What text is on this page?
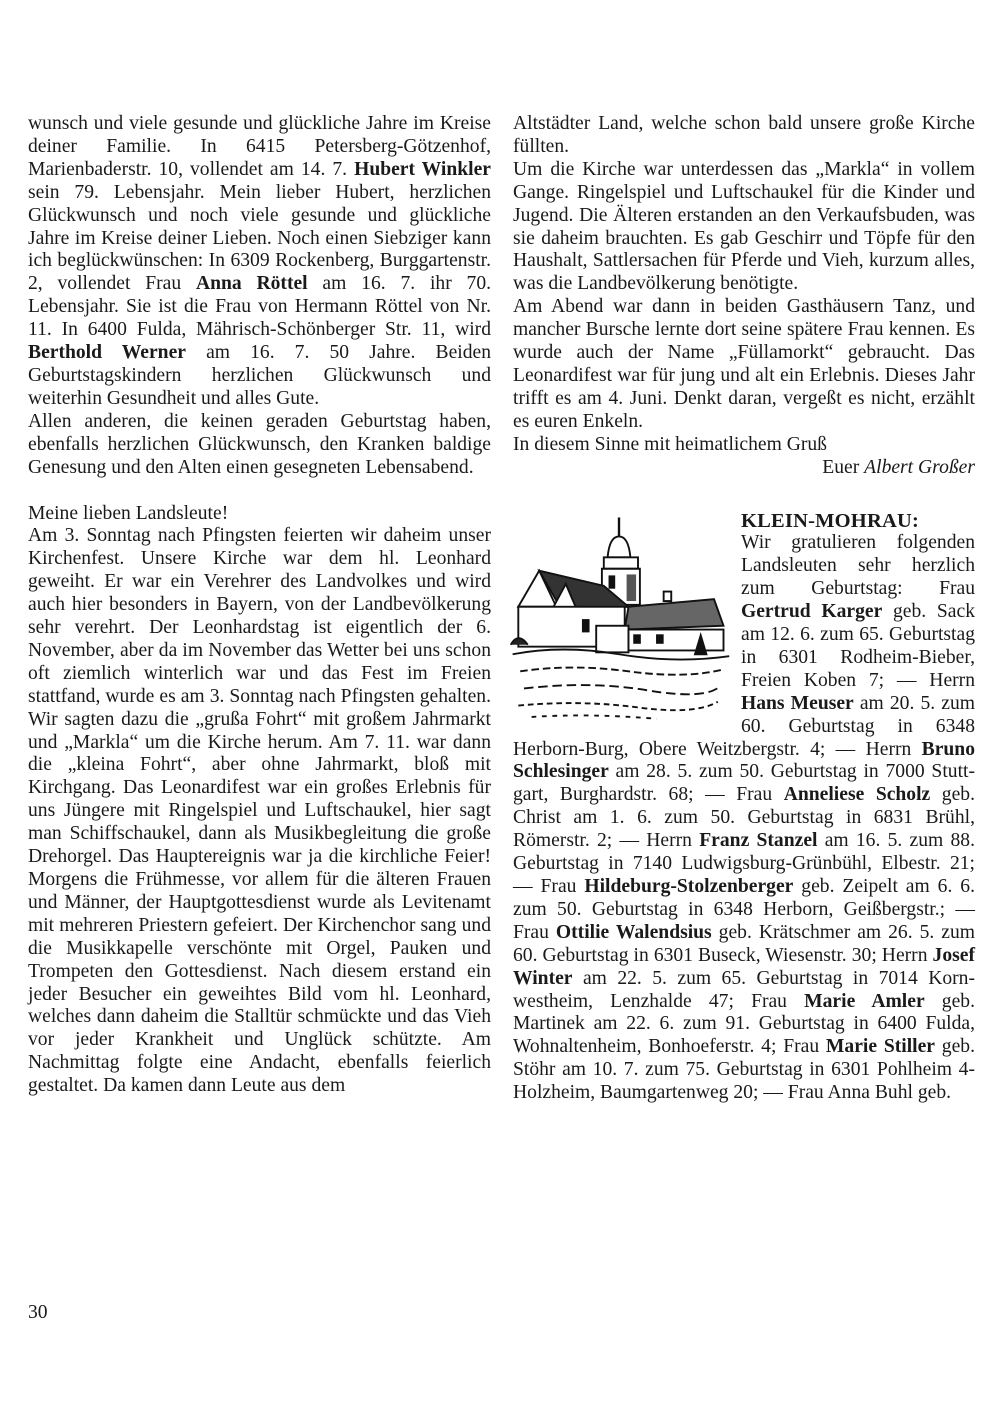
wunsch und viele gesunde und glückliche Jahre im Kreise deiner Familie. In 6415 Petersberg-Götzenhof, Marienbaderstr. 10, vollendet am 14. 7. Hubert Winkler sein 79. Lebensjahr. Mein lieber Hubert, herzlichen Glückwunsch und noch viele gesunde und glückliche Jahre im Kreise deiner Lieben. Noch einen Siebziger kann ich beglückwünschen: In 6309 Rockenberg, Burggartenstr. 2, vollendet Frau Anna Röttel am 16. 7. ihr 70. Lebensjahr. Sie ist die Frau von Hermann Röttel von Nr. 11. In 6400 Fulda, Mährisch-Schönberger Str. 11, wird Berthold Werner am 16. 7. 50 Jahre. Beiden Geburtstagskindern herzlichen Glückwunsch und weiterhin Gesundheit und alles Gute.

Allen anderen, die keinen geraden Geburtstag haben, ebenfalls herzlichen Glückwunsch, den Kranken baldige Genesung und den Alten einen gesegneten Lebensabend.

Meine lieben Landsleute!

Am 3. Sonntag nach Pfingsten feierten wir daheim unser Kirchenfest. Unsere Kirche war dem hl. Leonhard geweiht. Er war ein Verehrer des Landvolkes und wird auch hier besonders in Bayern, von der Landbevölkerung sehr verehrt. Der Leonhardstag ist eigentlich der 6. November, aber da im November das Wetter bei uns schon oft ziemlich winterlich war und das Fest im Freien stattfand, wurde es am 3. Sonntag nach Pfingsten gehalten. Wir sagten dazu die „grußa Fohrt“ mit großem Jahrmarkt und „Markla“ um die Kirche herum. Am 7. 11. war dann die „kleina Fohrt“, aber ohne Jahrmarkt, bloß mit Kirchgang. Das Leonardifest war ein großes Erlebnis für uns Jüngere mit Ringelspiel und Luftschaukel, hier sagt man Schiffschaukel, dann als Musikbegleitung die große Drehorgel. Das Hauptereignis war ja die kirchliche Feier! Morgens die Frühmesse, vor allem für die älteren Frauen und Männer, der Hauptgottesdienst wurde als Levitenamt mit mehreren Priestern gefeiert. Der Kirchenchor sang und die Musikkapelle verschönte mit Orgel, Pauken und Trompeten den Gottesdienst. Nach diesem erstand ein jeder Besucher ein geweihtes Bild vom hl. Leonhard, welches dann daheim die Stalltür schmückte und das Vieh vor jeder Krankheit und Unglück schützte. Am Nachmittag folgte eine Andacht, ebenfalls feierlich gestaltet. Da kamen dann Leute aus dem

Altstädter Land, welche schon bald unsere große Kirche füllten.

Um die Kirche war unterdessen das „Markla“ in vollem Gange. Ringelspiel und Luftschaukel für die Kinder und Jugend. Die Älteren erstanden an den Verkaufsbuden, was sie daheim brauchten. Es gab Geschirr und Töpfe für den Haushalt, Sattlersachen für Pferde und Vieh, kurzum alles, was die Landbevölkerung benötigte.

Am Abend war dann in beiden Gasthäusern Tanz, und mancher Bursche lernte dort seine spätere Frau kennen. Es wurde auch der Name „Füllamorkt“ gebraucht. Das Leonardifest war für jung und alt ein Erlebnis. Dieses Jahr trifft es am 4. Juni. Denkt daran, vergeßt es nicht, erzählt es euren Enkeln.

In diesem Sinne mit heimatlichem Gruß

Euer Albert Großer

KLEIN-MOHRAU:

Wir gratulieren folgenden Landsleuten sehr herzlich zum Geburtstag: Frau Gertrud Karger geb. Sack am 12. 6. zum 65. Geburtstag in 6301 Rodheim-Bieber, Freien Koben 7; — Herrn Hans Meuser am 20. 5. zum 60. Geburtstag in 6348 Herborn-Burg, Obere Weitzbergstr. 4; — Herrn Bruno Schlesinger am 28. 5. zum 50. Geburtstag in 7000 Stuttgart, Burghardstr. 68; — Frau Anneliese Scholz geb. Christ am 1. 6. zum 50. Geburtstag in 6831 Brühl, Römerstr. 2; — Herrn Franz Stanzel am 16. 5. zum 88. Geburtstag in 7140 Ludwigsburg-Grünbühl, Elbestr. 21; — Frau Hildeburg-Stolzenberger geb. Zeipelt am 6. 6. zum 50. Geburtstag in 6348 Herborn, Geißbergstr.; — Frau Ottilie Walendsius geb. Krätschmer am 26. 5. zum 60. Geburtstag in 6301 Buseck, Wiesenstr. 30; Herrn Josef Winter am 22. 5. zum 65. Geburtstag in 7014 Kornwestheim, Lenzhalde 47; Frau Marie Amler geb. Martinek am 22. 6. zum 91. Geburtstag in 6400 Fulda, Wohnaltenheim, Bonhoeferstr. 4; Frau Marie Stiller geb. Stöhr am 10. 7. zum 75. Geburtstag in 6301 Pohlheim 4-Holzheim, Baumgartenweg 20; — Frau Anna Buhl geb.

30
